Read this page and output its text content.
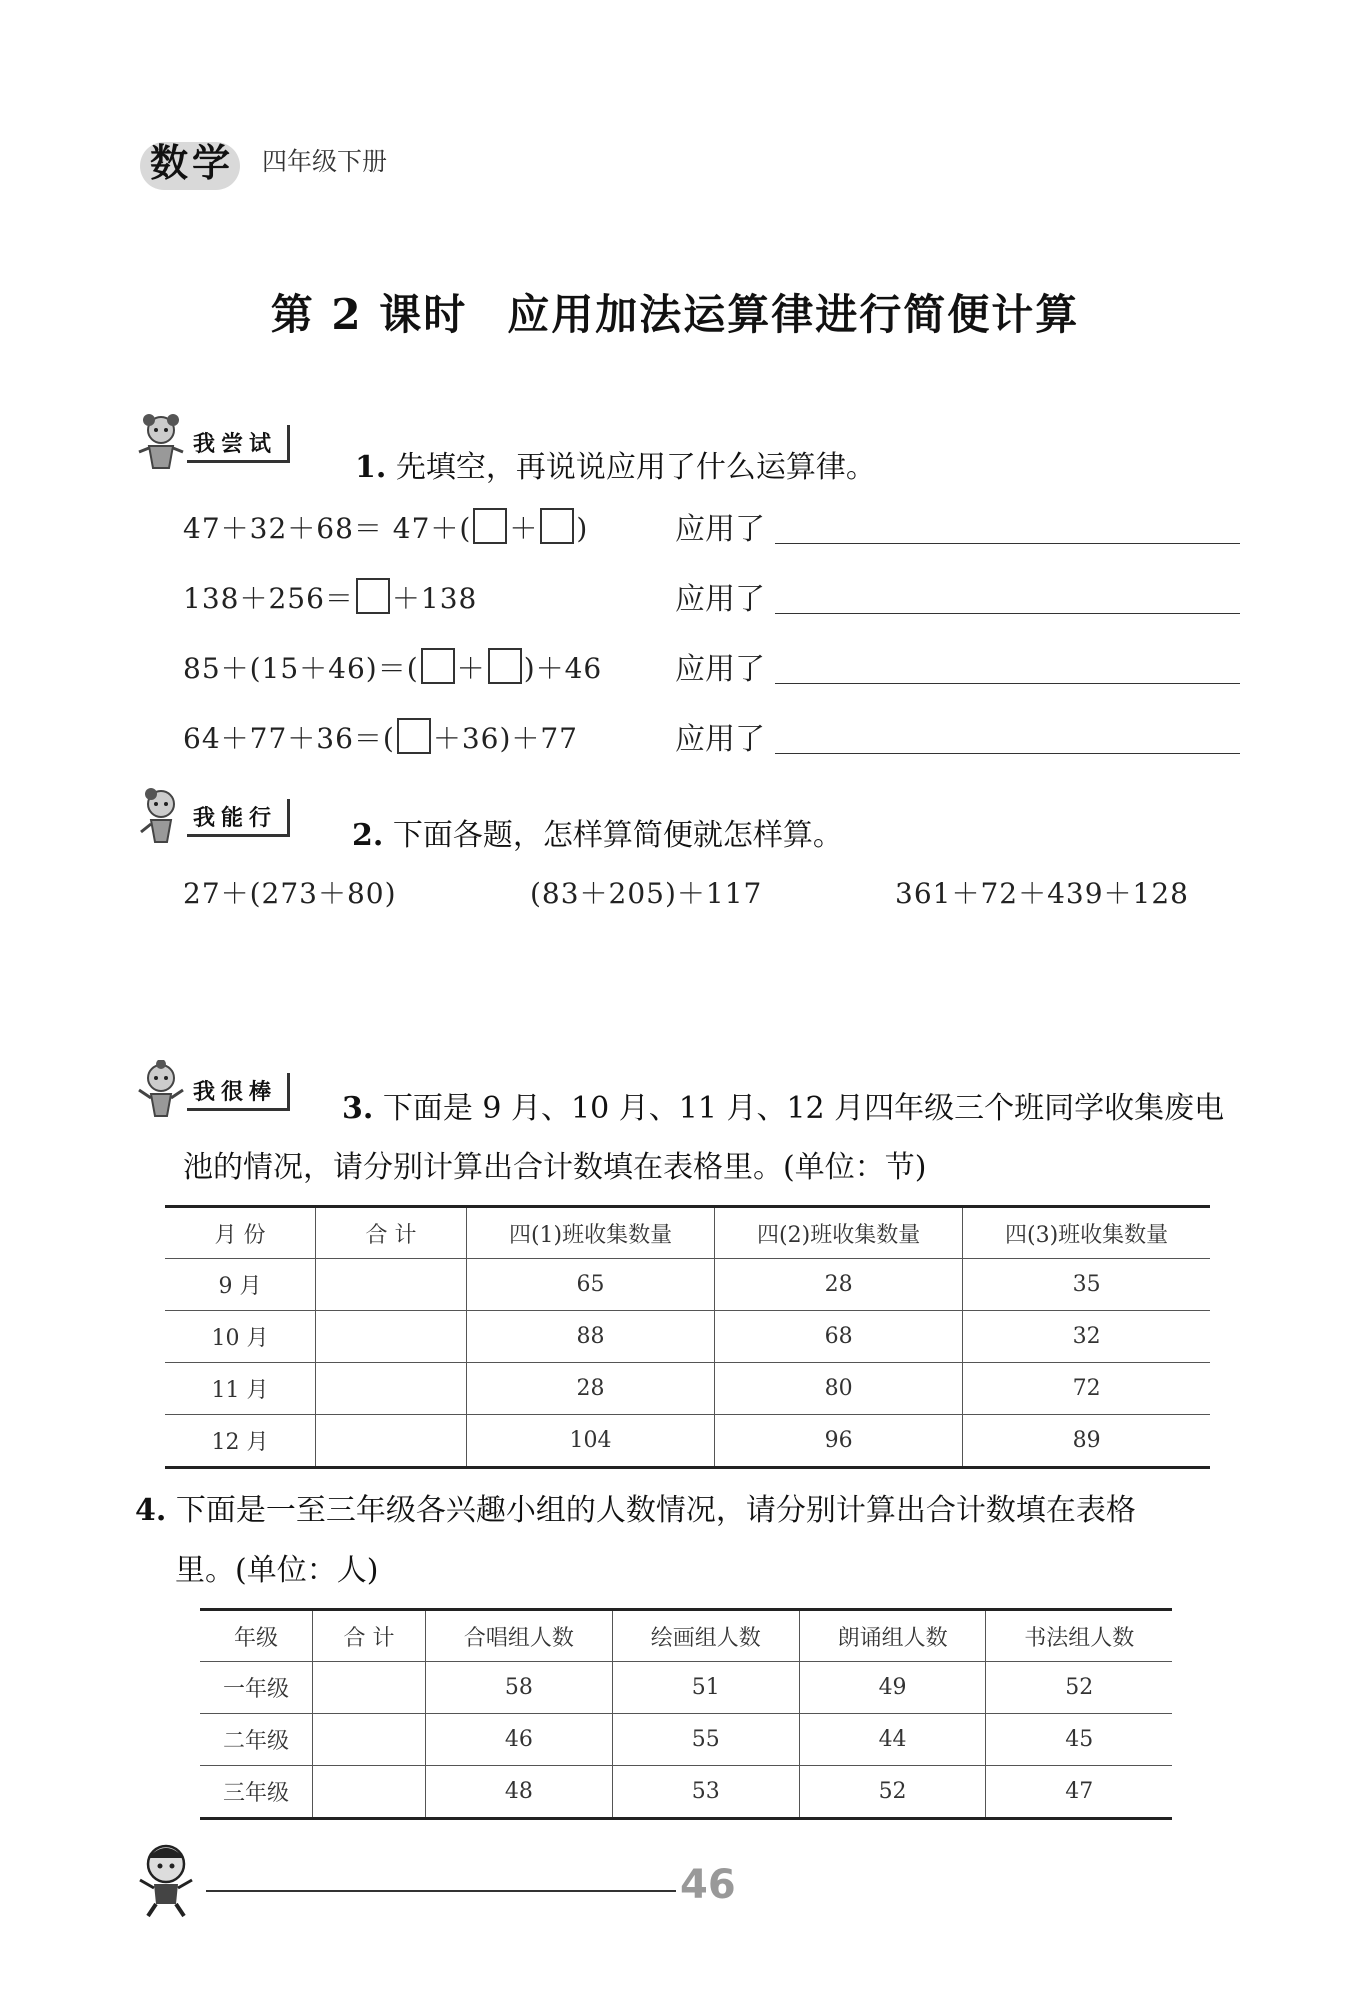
数学 四年级下册
第 2 课时 应用加法运算律进行简便计算
我尝试
1. 先填空，再说说应用了什么运算律。
47＋32＋68＝ 47＋( ＋ )	应用了
138＋256＝ ＋138	应用了
85＋(15＋46)＝( ＋ )＋46 应用了
64＋77＋36＝( ＋36)＋77	应用了
我能行	2. 下面各题，怎样算简便就怎样算。
27＋(273＋80)	(83＋205)＋117	361＋72＋439＋128
我很棒	3. 下面是 9 月、10 月、11 月、12 月四年级三个班同学收集废电
池的情况，请分别计算出合计数填在表格里。(单位：节)
月 份	合 计	四(1)班收集数量	四(2)班收集数量	四(3)班收集数量
9 月		65	28	35
10 月		88	68	32
11 月		28	80	72
12 月		104	96	89
4. 下面是一至三年级各兴趣小组的人数情况，请分别计算出合计数填在表格
里。(单位：人)
年级	合 计	合唱组人数	绘画组人数	朗诵组人数	书法组人数
一年级		58	51	49	52
二年级		46	55	44	45
三年级		48	53	52	47
46
